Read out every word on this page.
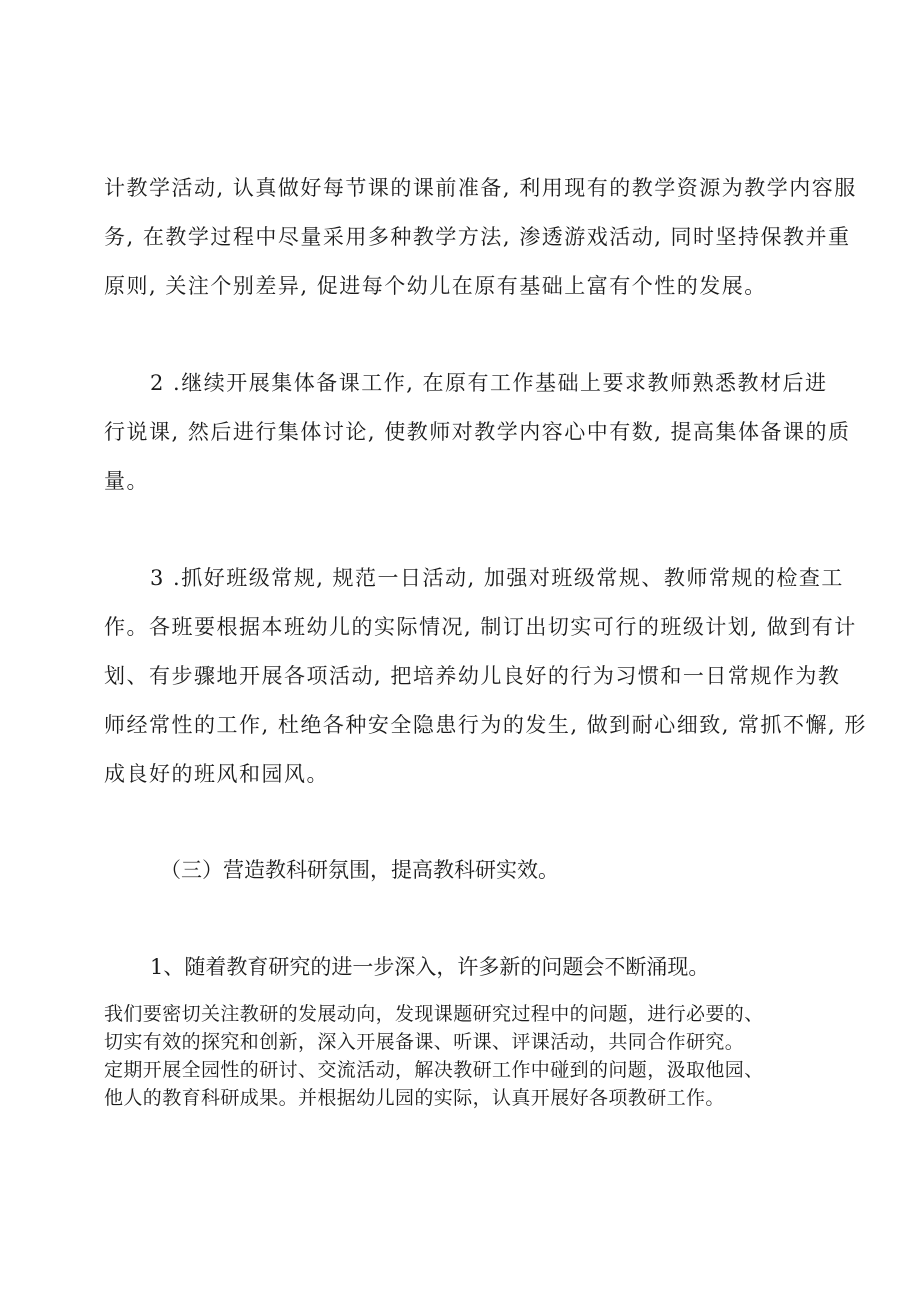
计教学活动, 认真做好每节课的课前准备, 利用现有的教学资源为教学内容服
务, 在教学过程中尽量采用多种教学方法, 渗透游戏活动, 同时坚持保教并重
原则, 关注个别差异, 促进每个幼儿在原有基础上富有个性的发展。
2 .继续开展集体备课工作, 在原有工作基础上要求教师熟悉教材后进
行说课, 然后进行集体讨论, 使教师对教学内容心中有数, 提高集体备课的质
量。
3 .抓好班级常规, 规范一日活动, 加强对班级常规、教师常规的检查工
作。各班要根据本班幼儿的实际情况, 制订出切实可行的班级计划, 做到有计
划、有步骤地开展各项活动, 把培养幼儿良好的行为习惯和一日常规作为教
师经常性的工作, 杜绝各种安全隐患行为的发生, 做到耐心细致, 常抓不懈, 形
成良好的班风和园风。
（三）营造教科研氛围，提高教科研实效。
1、随着教育研究的进一步深入，许多新的问题会不断涌现。
我们要密切关注教研的发展动向，发现课题研究过程中的问题，进行必要的、
切实有效的探究和创新，深入开展备课、听课、评课活动，共同合作研究。
定期开展全园性的研讨、交流活动，解决教研工作中碰到的问题，汲取他园、
他人的教育科研成果。并根据幼儿园的实际，认真开展好各项教研工作。
